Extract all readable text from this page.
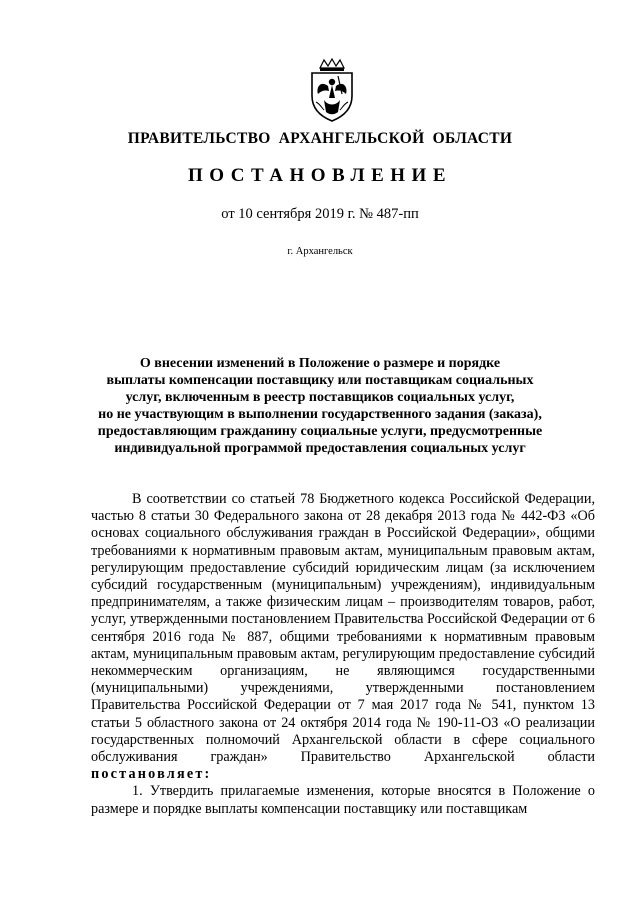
ПРАВИТЕЛЬСТВО АРХАНГЕЛЬСКОЙ ОБЛАСТИ
ПОСТАНОВЛЕНИЕ
от 10 сентября 2019 г. № 487-пп
г. Архангельск
О внесении изменений в Положение о размере и порядке
выплаты компенсации поставщику или поставщикам социальных
услуг, включенным в реестр поставщиков социальных услуг,
но не участвующим в выполнении государственного задания (заказа),
предоставляющим гражданину социальные услуги, предусмотренные
индивидуальной программой предоставления социальных услуг

В соответствии со статьей 78 Бюджетного кодекса Российской Федерации, частью 8 статьи 30 Федерального закона от 28 декабря 2013 года № 442-ФЗ «Об основах социального обслуживания граждан в Российской Федерации», общими требованиями к нормативным правовым актам, муниципальным правовым актам, регулирующим предоставление субсидий юридическим лицам (за исключением субсидий государственным (муниципальным) учреждениям), индивидуальным предпринимателям, а также физическим лицам – производителям товаров, работ, услуг, утвержденными постановлением Правительства Российской Федерации от 6 сентября 2016 года № 887, общими требованиями к нормативным правовым актам, муниципальным правовым актам, регулирующим предоставление субсидий некоммерческим организациям, не являющимся государственными (муниципальными) учреждениями, утвержденными постановлением Правительства Российской Федерации от 7 мая 2017 года № 541, пунктом 13 статьи 5 областного закона от 24 октября 2014 года № 190-11-ОЗ «О реализации государственных полномочий Архангельской области в сфере социального обслуживания граждан» Правительство Архангельской области постановляет:

1. Утвердить прилагаемые изменения, которые вносятся в Положение о размере и порядке выплаты компенсации поставщику или поставщикам
